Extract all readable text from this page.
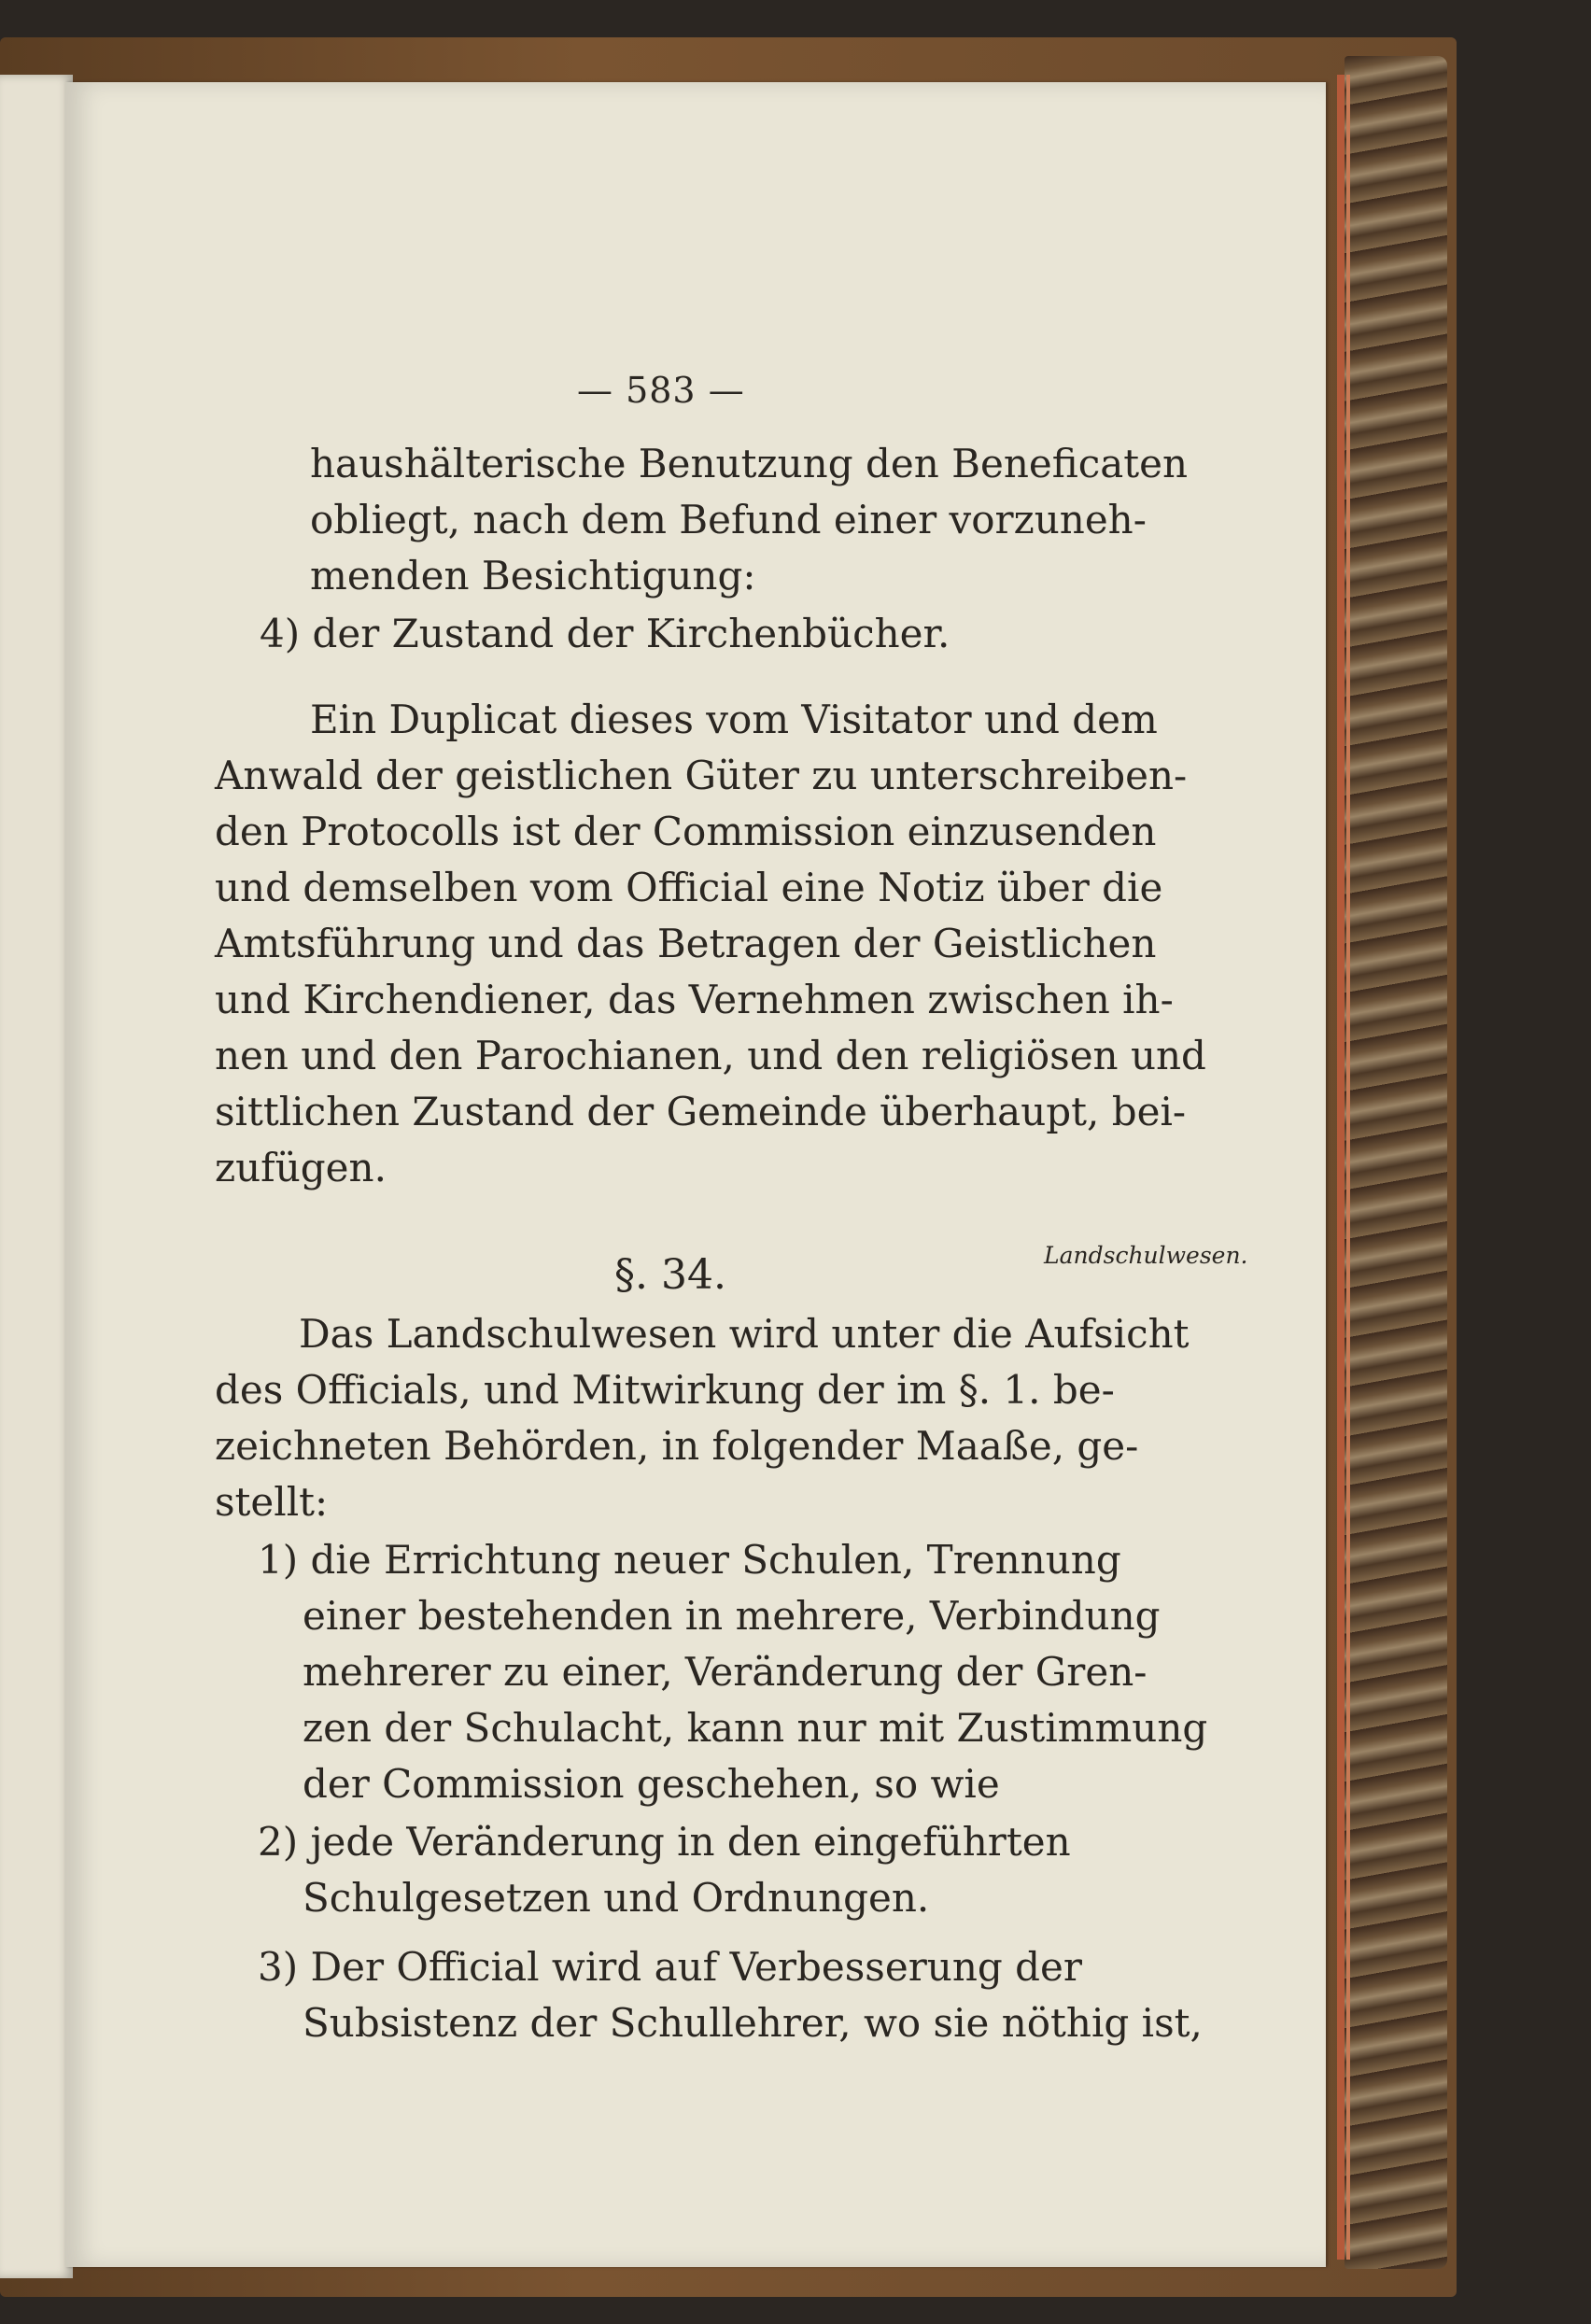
— 583 —
haushälterische Benutzung den Beneficaten
obliegt, nach dem Befund einer vorzuneh-
menden Besichtigung:
4) der Zustand der Kirchenbücher.
Ein Duplicat dieses vom Visitator und dem
Anwald der geistlichen Güter zu unterschreiben-
den Protocolls ist der Commission einzusenden
und demselben vom Official eine Notiz über die
Amtsführung und das Betragen der Geistlichen
und Kirchendiener, das Vernehmen zwischen ih-
nen und den Parochianen, und den religiösen und
sittlichen Zustand der Gemeinde überhaupt, bei-
zufügen.
§. 34.
Das Landschulwesen wird unter die Aufsicht
des Officials, und Mitwirkung der im §. 1. be-
zeichneten Behörden, in folgender Maaße, ge-
stellt:
1) die Errichtung neuer Schulen, Trennung
einer bestehenden in mehrere, Verbindung
mehrerer zu einer, Veränderung der Gren-
zen der Schulacht, kann nur mit Zustimmung
der Commission geschehen, so wie
2) jede Veränderung in den eingeführten
Schulgesetzen und Ordnungen.
3) Der Official wird auf Verbesserung der
Subsistenz der Schullehrer, wo sie nöthig ist,
Landschulwesen.
